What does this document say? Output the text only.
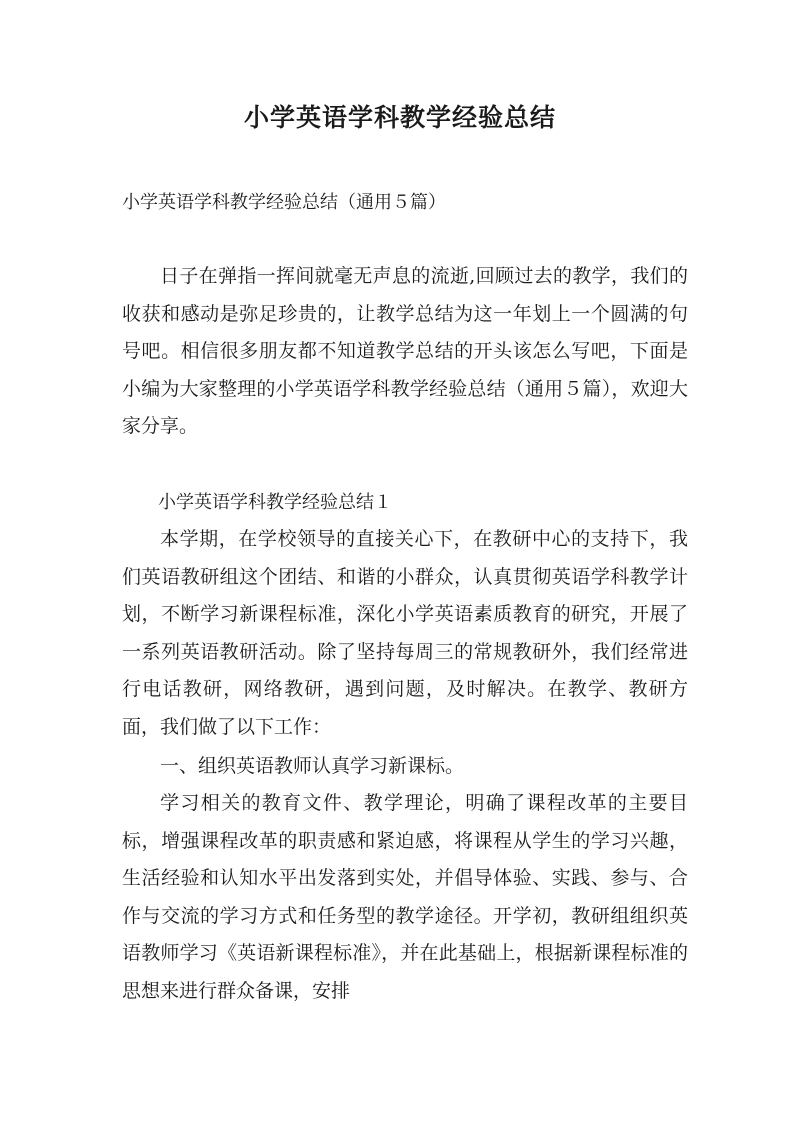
小学英语学科教学经验总结

小学英语学科教学经验总结（通用５篇）

日子在弹指一挥间就毫无声息的流逝,回顾过去的教学，我们的收获和感动是弥足珍贵的，让教学总结为这一年划上一个圆满的句号吧。相信很多朋友都不知道教学总结的开头该怎么写吧，下面是小编为大家整理的小学英语学科教学经验总结（通用５篇），欢迎大家分享。

小学英语学科教学经验总结１

本学期，在学校领导的直接关心下，在教研中心的支持下，我们英语教研组这个团结、和谐的小群众，认真贯彻英语学科教学计划，不断学习新课程标准，深化小学英语素质教育的研究，开展了一系列英语教研活动。除了坚持每周三的常规教研外，我们经常进行电话教研，网络教研，遇到问题，及时解决。在教学、教研方面，我们做了以下工作：

一、组织英语教师认真学习新课标。

学习相关的教育文件、教学理论，明确了课程改革的主要目标，增强课程改革的职责感和紧迫感，将课程从学生的学习兴趣，生活经验和认知水平出发落到实处，并倡导体验、实践、参与、合作与交流的学习方式和任务型的教学途径。开学初，教研组组织英语教师学习《英语新课程标准》，并在此基础上，根据新课程标准的思想来进行群众备课，安排
